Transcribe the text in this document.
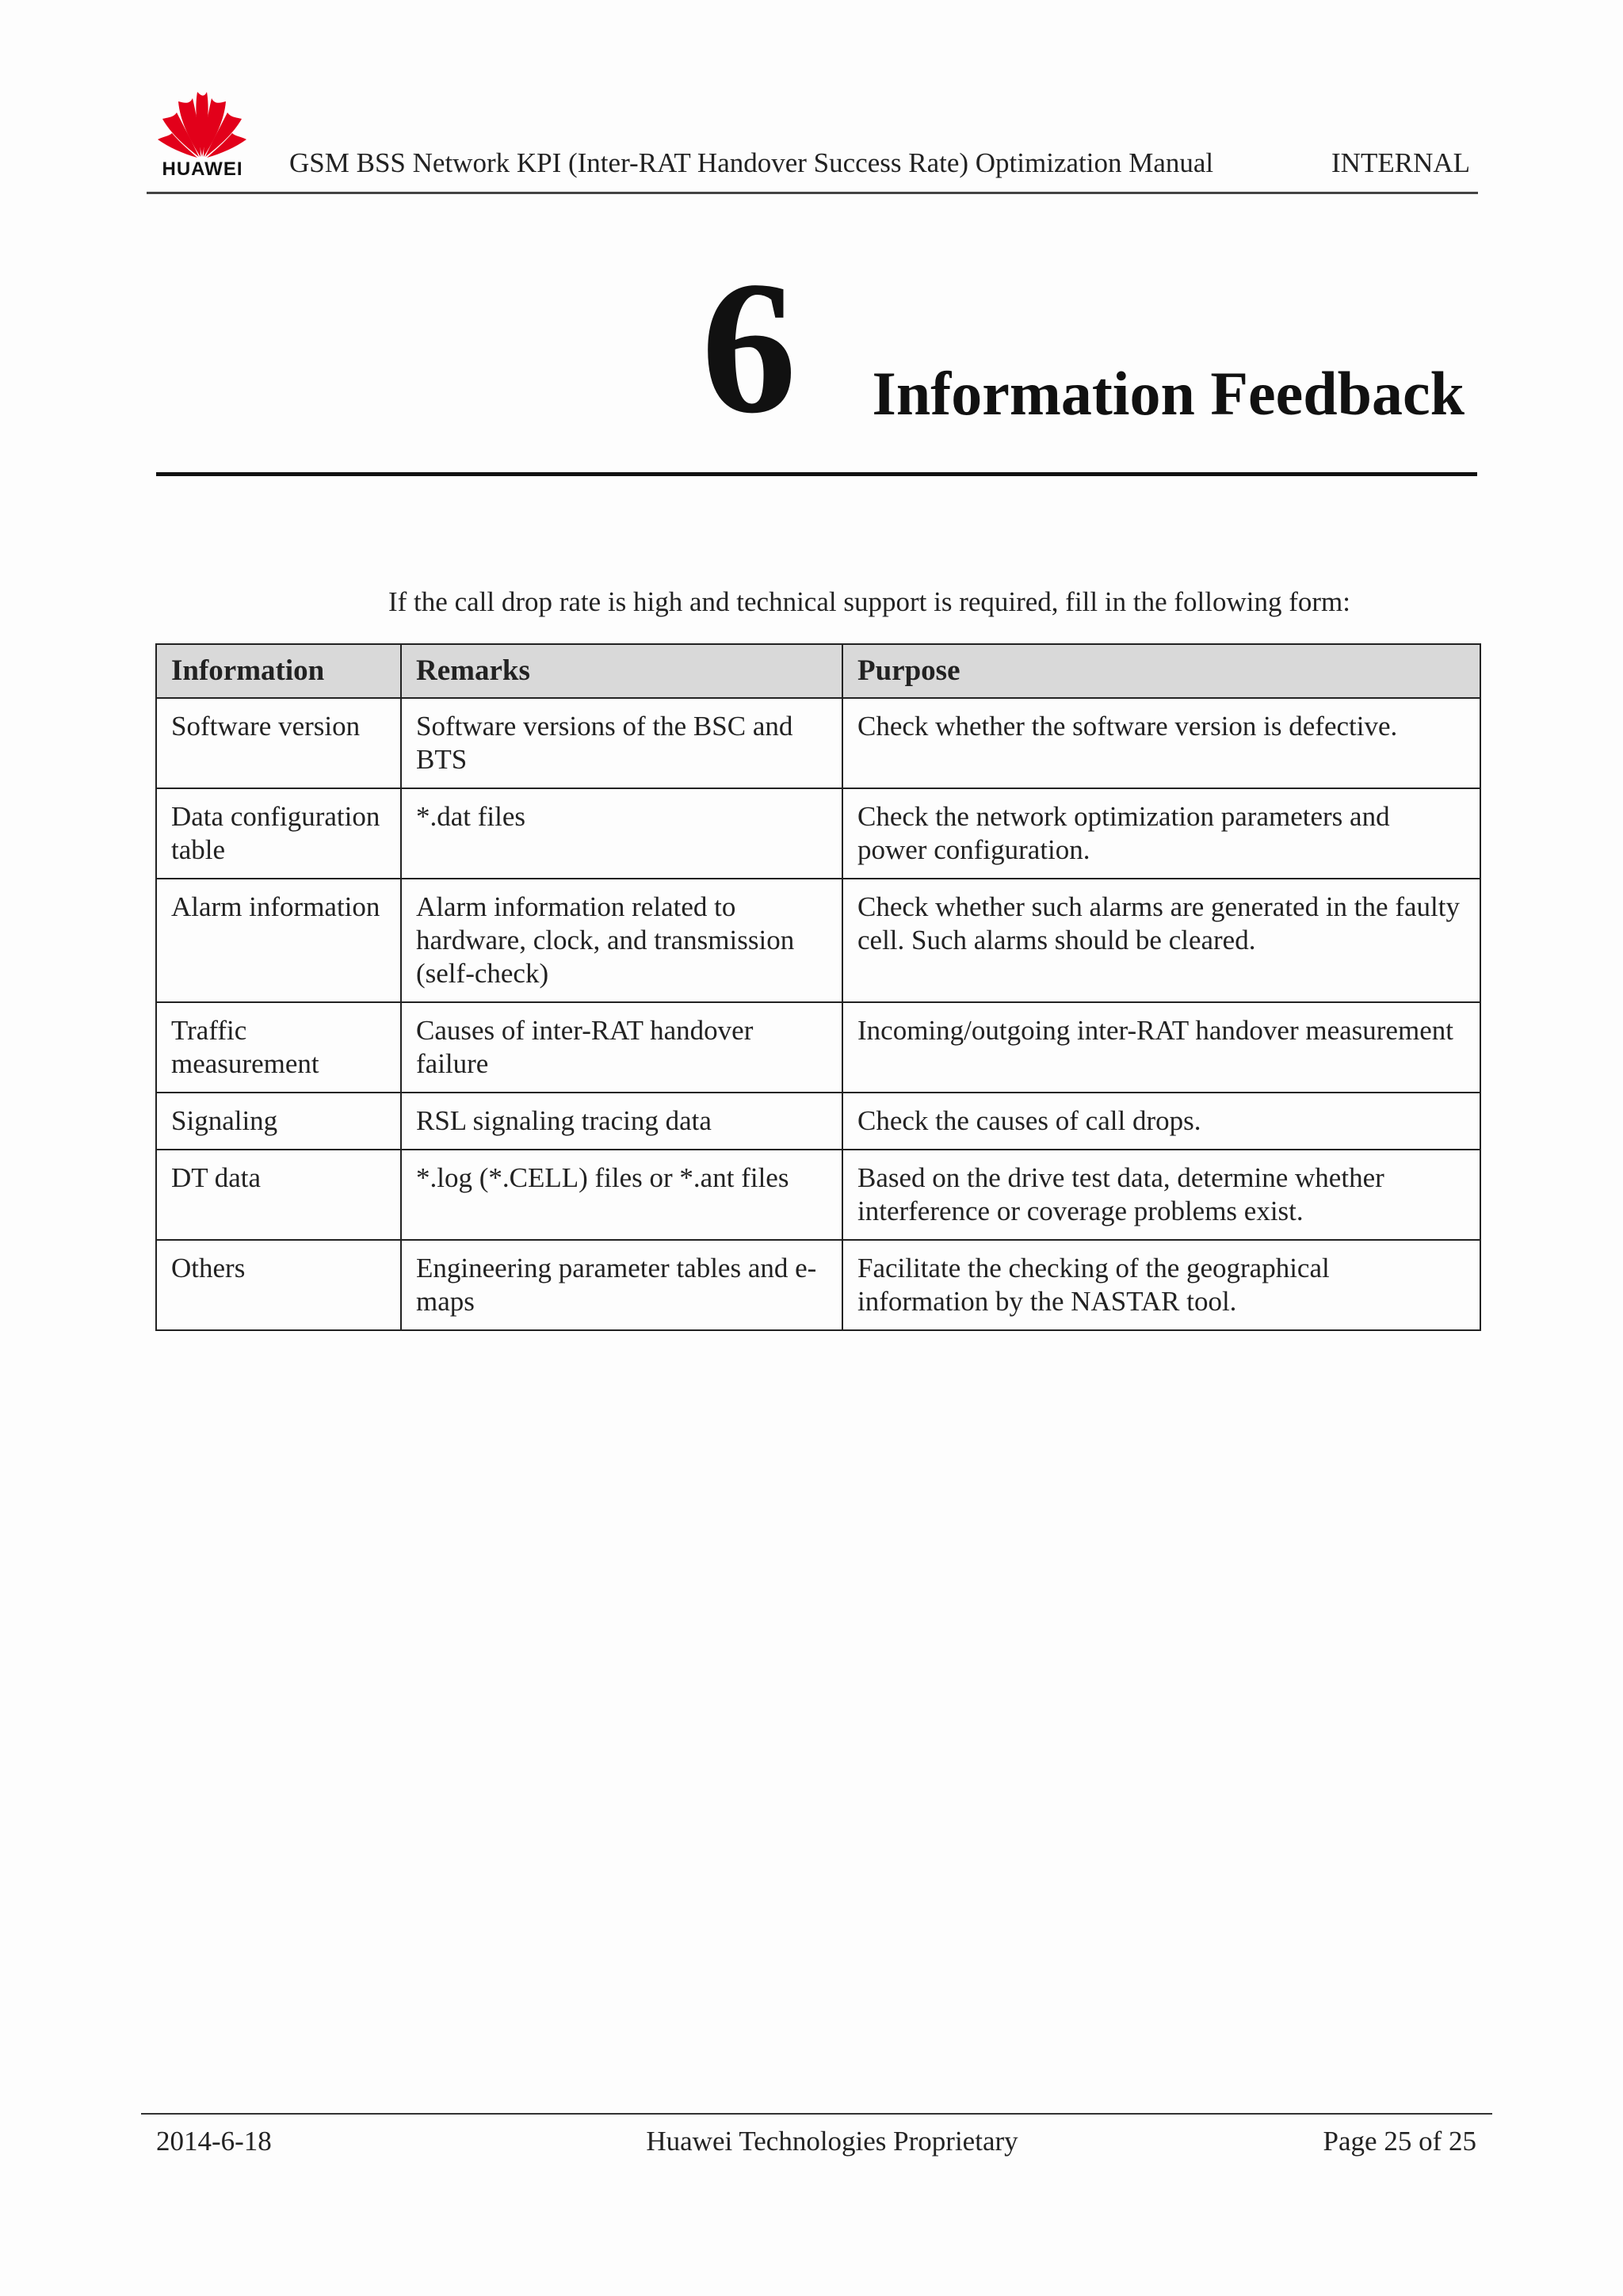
HUAWEI	GSM BSS Network KPI (Inter-RAT Handover Success Rate) Optimization Manual	INTERNAL
6 Information Feedback
If the call drop rate is high and technical support is required, fill in the following form:
Information	Remarks	Purpose
Software version	Software versions of the BSC and BTS	Check whether the software version is defective.
Data configuration table	*.dat files	Check the network optimization parameters and power configuration.
Alarm information	Alarm information related to hardware, clock, and transmission (self-check)	Check whether such alarms are generated in the faulty cell. Such alarms should be cleared.
Traffic measurement	Causes of inter-RAT handover failure	Incoming/outgoing inter-RAT handover measurement
Signaling	RSL signaling tracing data	Check the causes of call drops.
DT data	*.log (*.CELL) files or *.ant files	Based on the drive test data, determine whether interference or coverage problems exist.
Others	Engineering parameter tables and e-maps	Facilitate the checking of the geographical information by the NASTAR tool.
2014-6-18	Huawei Technologies Proprietary	Page 25 of 25
